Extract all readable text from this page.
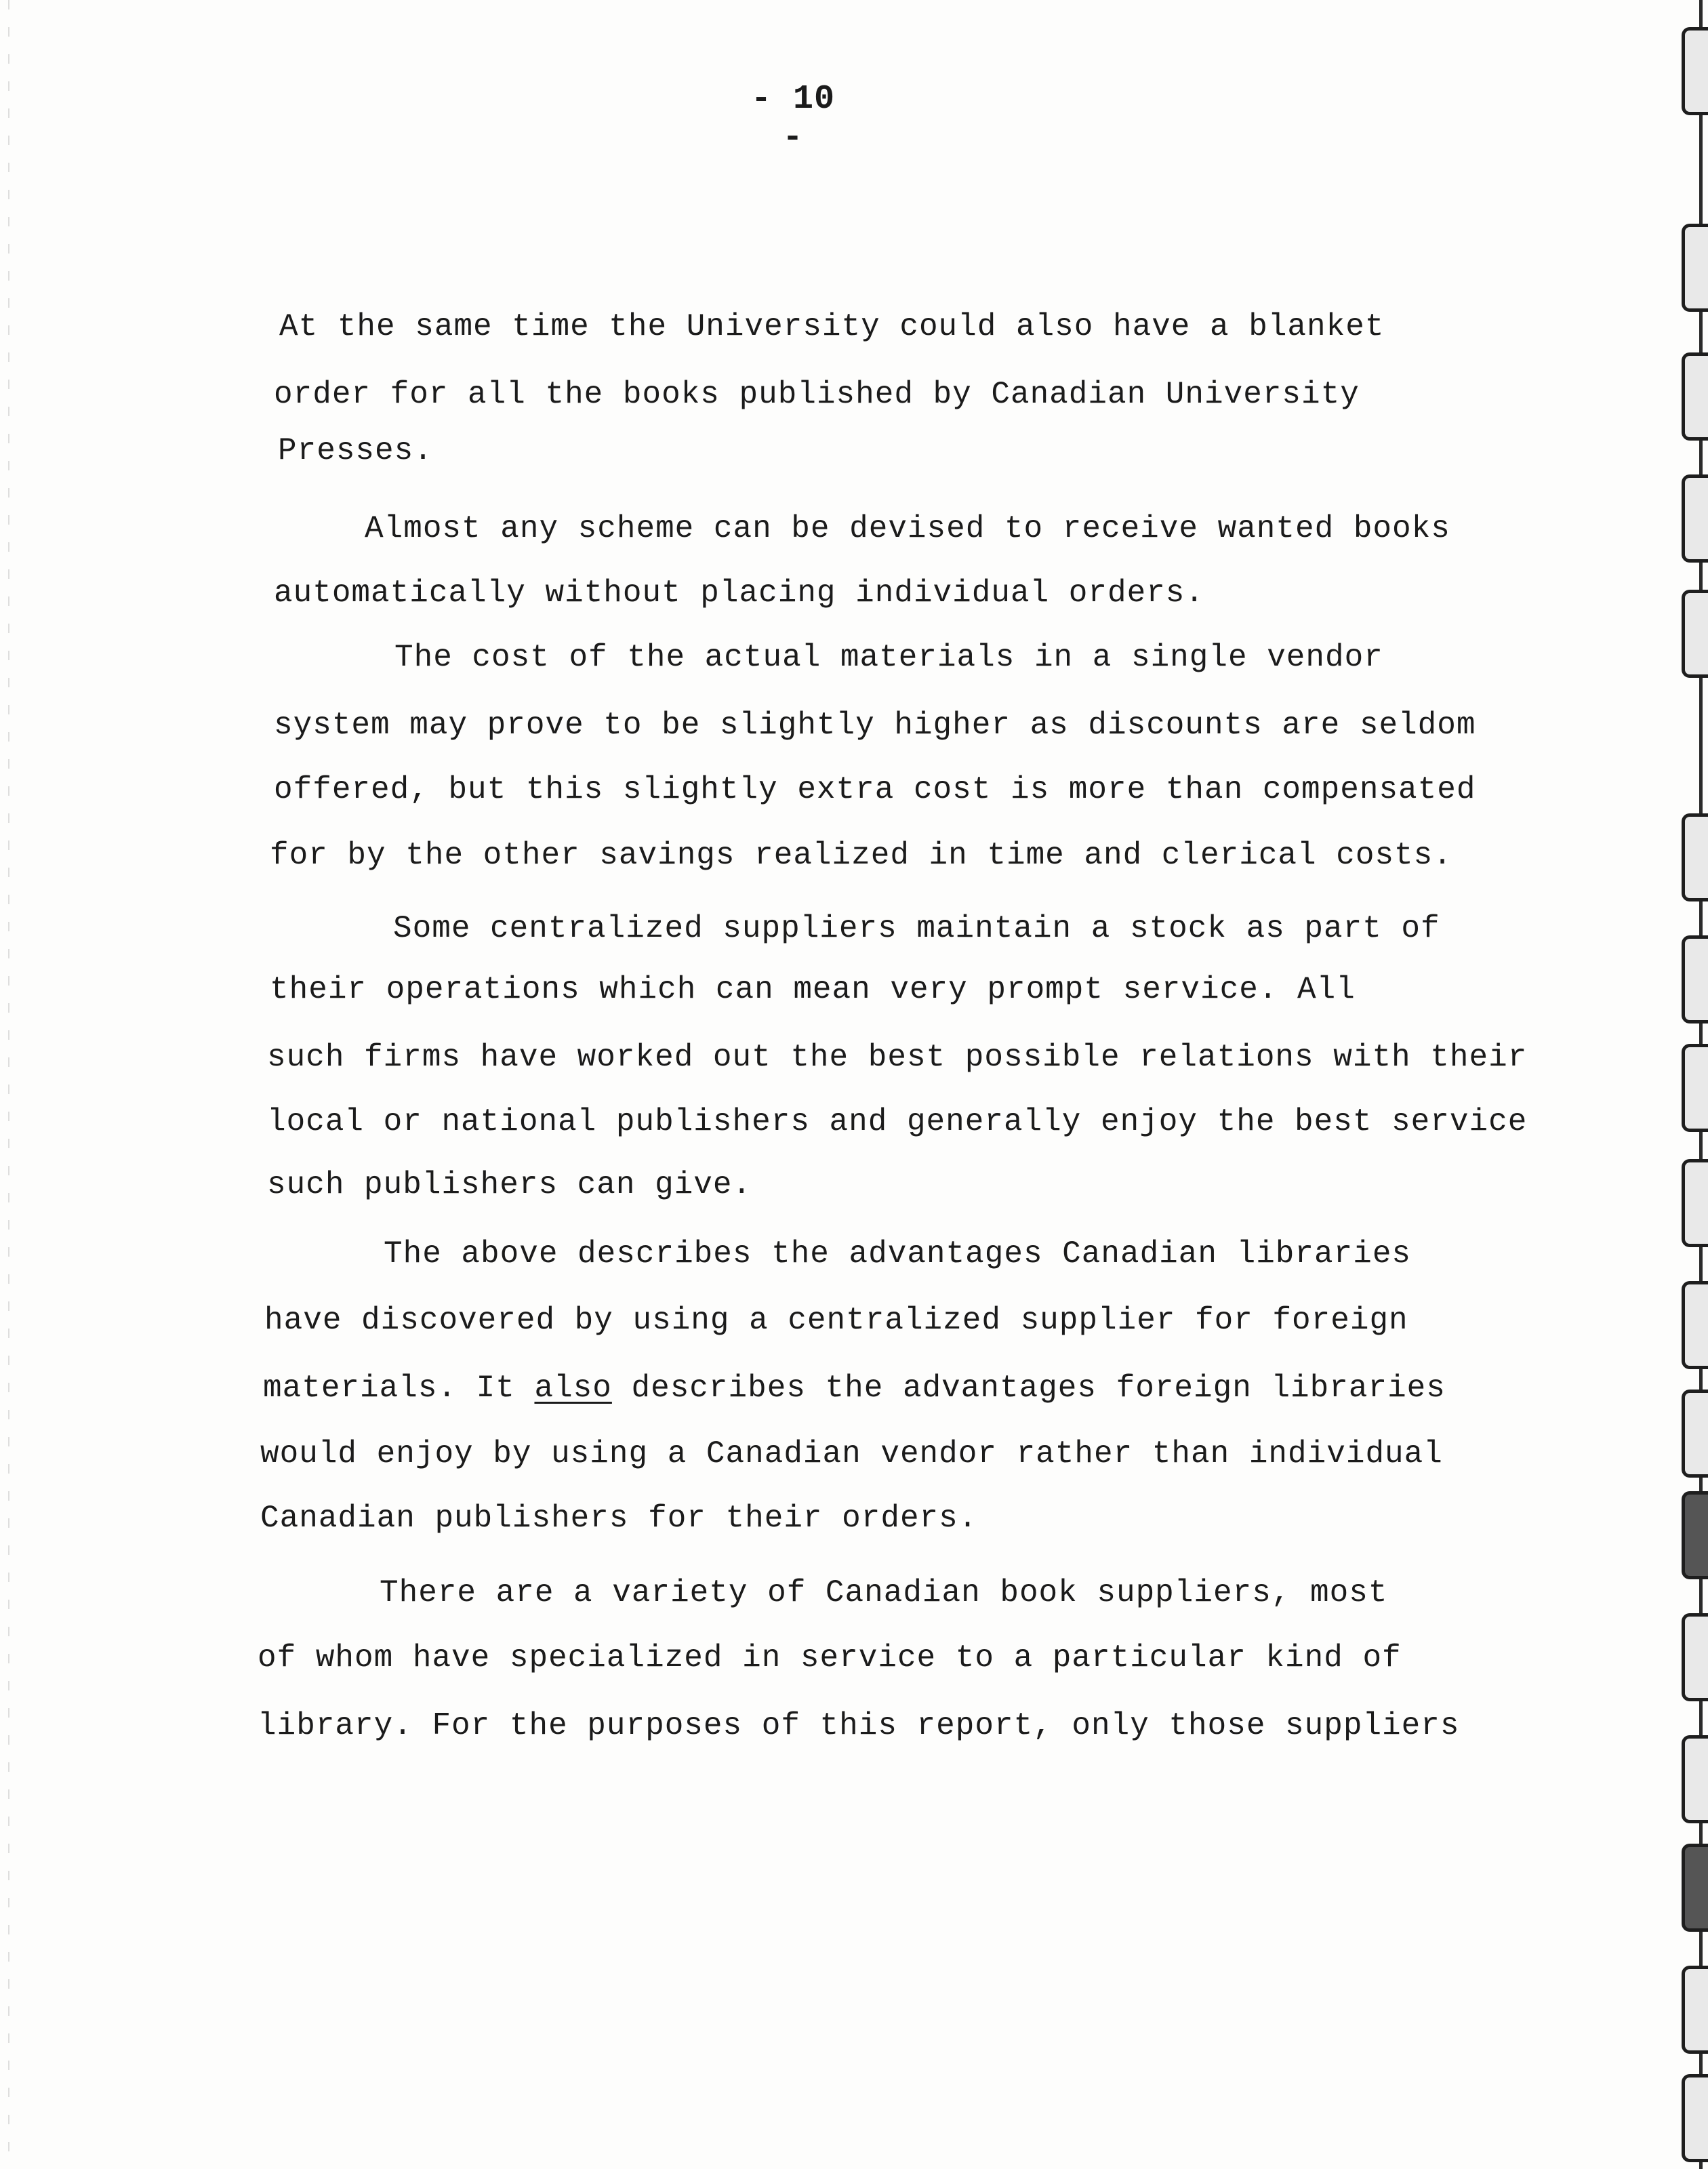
- 10 -
At the same time the University could also have a blanket
order for all the books published by Canadian University
Presses.
Almost any scheme can be devised to receive wanted books
automatically without placing individual orders.
The cost of the actual materials in a single vendor
system may prove to be slightly higher as discounts are seldom
offered, but this slightly extra cost is more than compensated
for by the other savings realized in time and clerical costs.
Some centralized suppliers maintain a stock as part of
their operations which can mean very prompt service. All
such firms have worked out the best possible relations with their
local or national publishers and generally enjoy the best service
such publishers can give.
The above describes the advantages Canadian libraries
have discovered by using a centralized supplier for foreign
materials. It also describes the advantages foreign libraries
would enjoy by using a Canadian vendor rather than individual
Canadian publishers for their orders.
There are a variety of Canadian book suppliers, most
of whom have specialized in service to a particular kind of
library. For the purposes of this report, only those suppliers
